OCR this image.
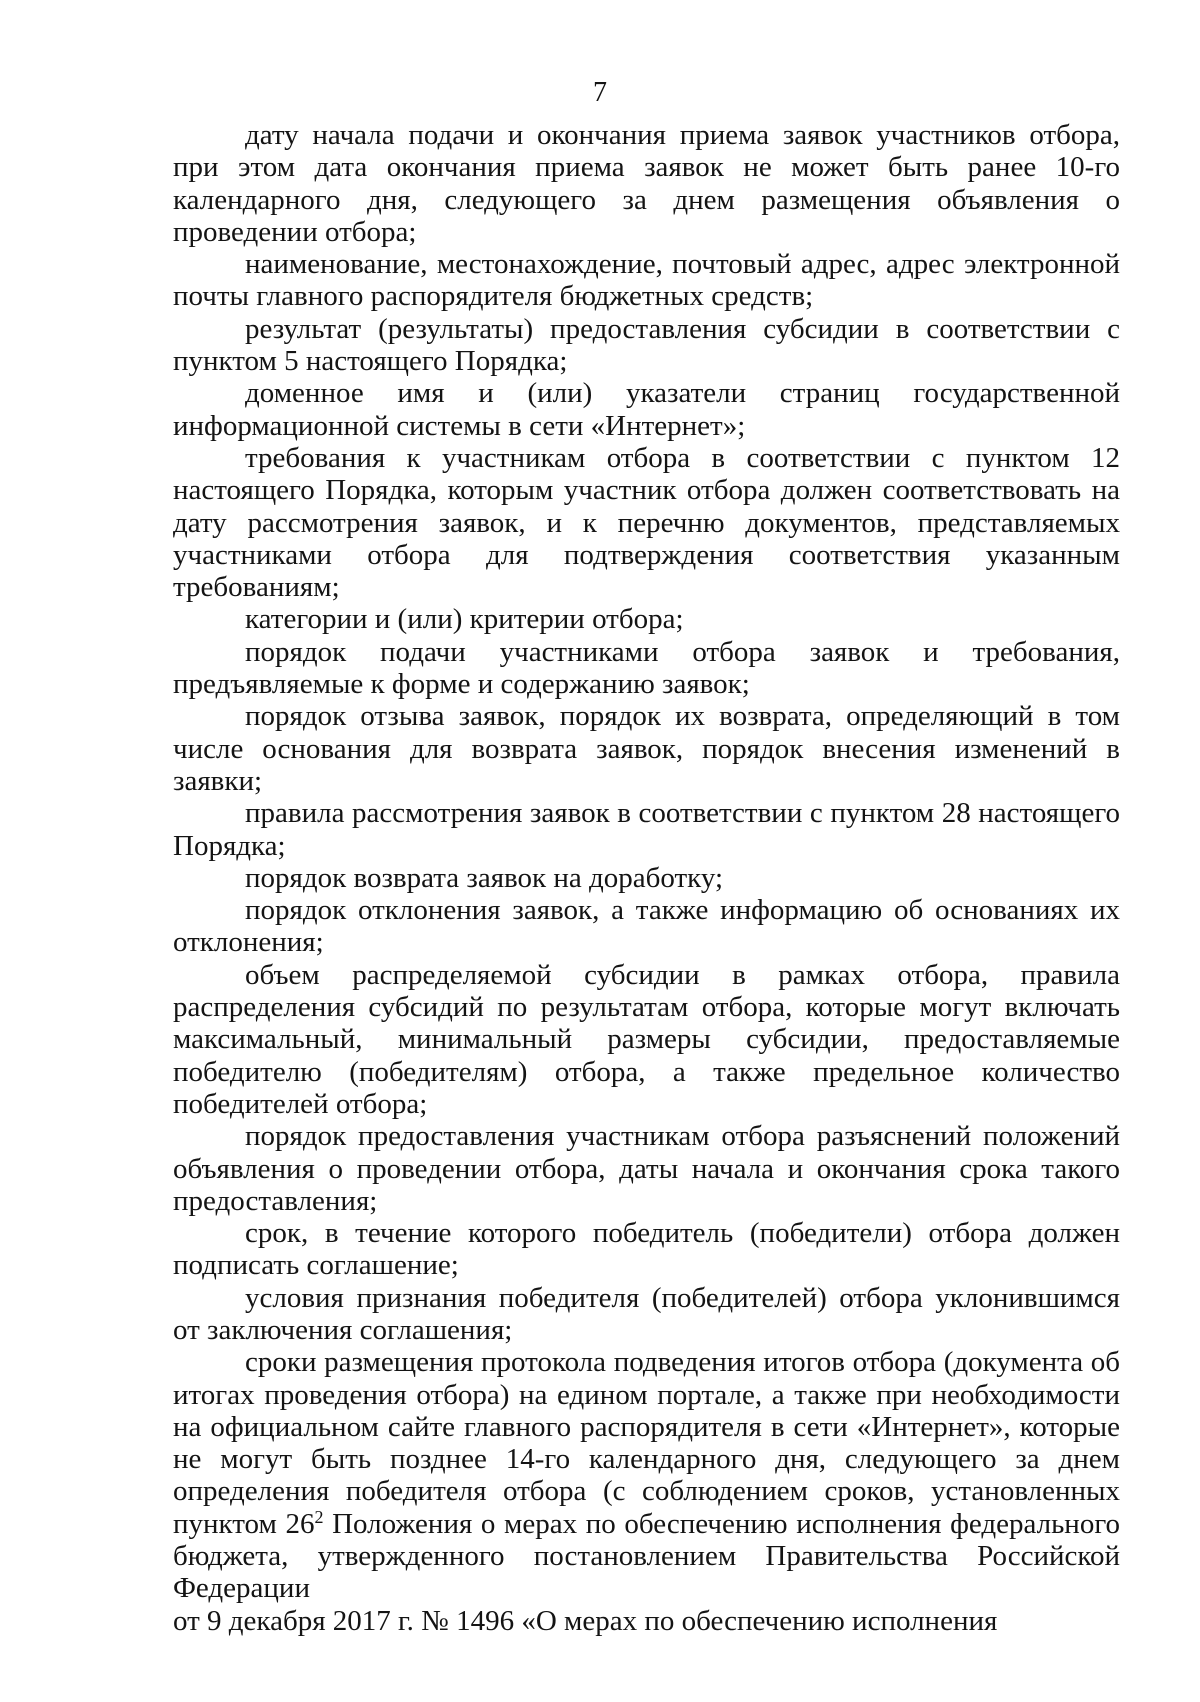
7

дату начала подачи и окончания приема заявок участников отбора, при этом дата окончания приема заявок не может быть ранее 10-го календарного дня, следующего за днем размещения объявления о проведении отбора;

наименование, местонахождение, почтовый адрес, адрес электронной почты главного распорядителя бюджетных средств;

результат (результаты) предоставления субсидии в соответствии с пунктом 5 настоящего Порядка;

доменное имя и (или) указатели страниц государственной информационной системы в сети «Интернет»;

требования к участникам отбора в соответствии с пунктом 12 настоящего Порядка, которым участник отбора должен соответствовать на дату рассмотрения заявок, и к перечню документов, представляемых участниками отбора для подтверждения соответствия указанным требованиям;

категории и (или) критерии отбора;

порядок подачи участниками отбора заявок и требования, предъявляемые к форме и содержанию заявок;

порядок отзыва заявок, порядок их возврата, определяющий в том числе основания для возврата заявок, порядок внесения изменений в заявки;

правила рассмотрения заявок в соответствии с пунктом 28 настоящего Порядка;

порядок возврата заявок на доработку;

порядок отклонения заявок, а также информацию об основаниях их отклонения;

объем распределяемой субсидии в рамках отбора, правила распределения субсидий по результатам отбора, которые могут включать максимальный, минимальный размеры субсидии, предоставляемые победителю (победителям) отбора, а также предельное количество победителей отбора;

порядок предоставления участникам отбора разъяснений положений объявления о проведении отбора, даты начала и окончания срока такого предоставления;

срок, в течение которого победитель (победители) отбора должен подписать соглашение;

условия признания победителя (победителей) отбора уклонившимся от заключения соглашения;

сроки размещения протокола подведения итогов отбора (документа об итогах проведения отбора) на едином портале, а также при необходимости на официальном сайте главного распорядителя в сети «Интернет», которые не могут быть позднее 14-го календарного дня, следующего за днем определения победителя отбора (с соблюдением сроков, установленных пунктом $26^2$ Положения о мерах по обеспечению исполнения федерального бюджета, утвержденного постановлением Правительства Российской Федерации

от 9 декабря 2017 г. № 1496 «О мерах по обеспечению исполнения
